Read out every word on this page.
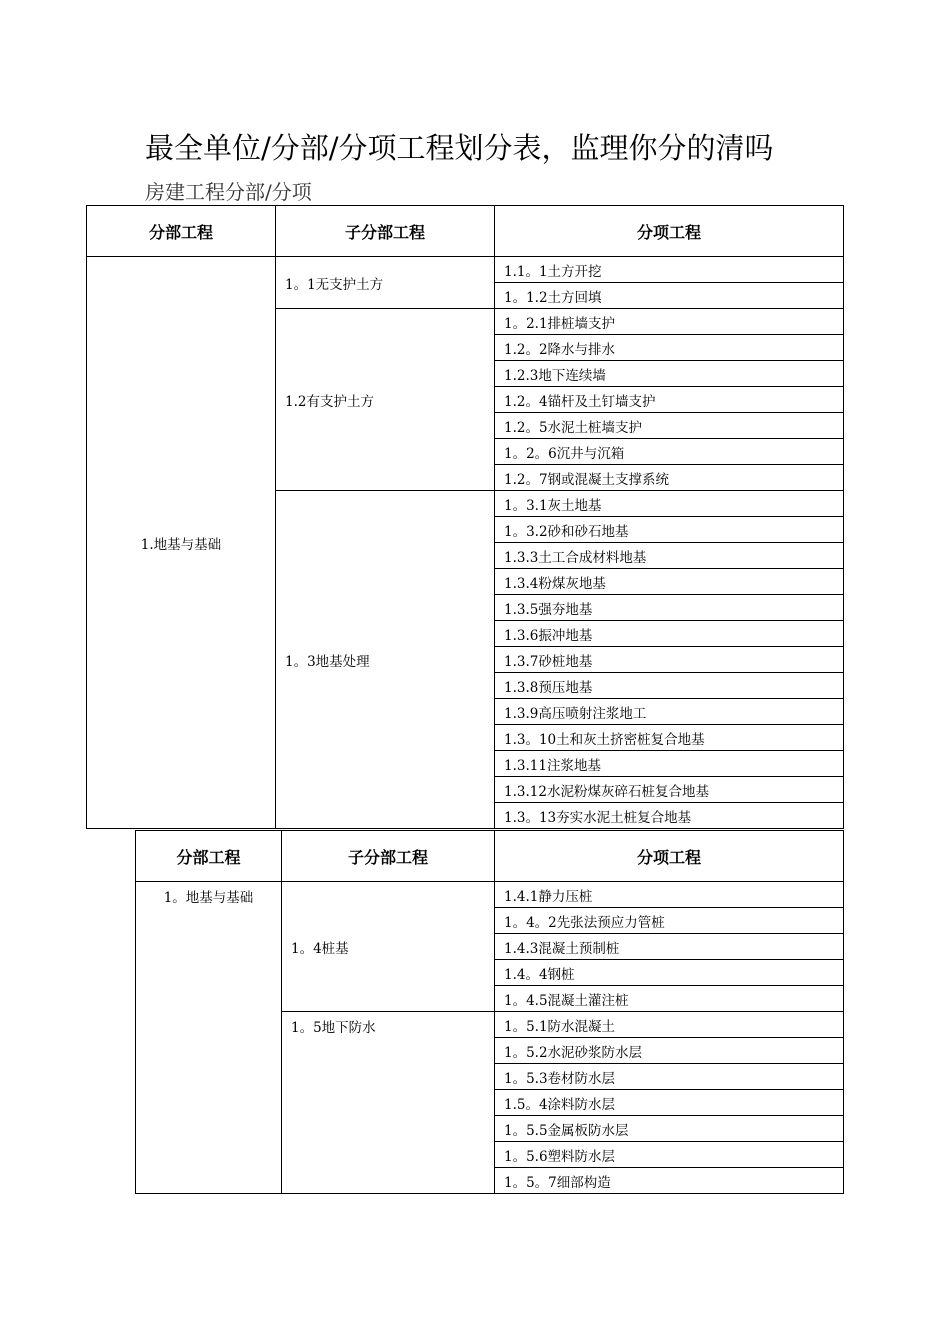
最全单位/分部/分项工程划分表，监理你分的清吗
房建工程分部/分项
分部工程	子分部工程	分项工程
1.地基与基础	1。1无支护土方	1.1。1土方开挖
		1。1.2土方回填
	1.2有支护土方	1。2.1排桩墙支护
		1.2。2降水与排水
		1.2.3地下连续墙
		1.2。4锚杆及土钉墙支护
		1.2。5水泥土桩墙支护
		1。2。6沉井与沉箱
		1.2。7钢或混凝土支撑系统
	1。3地基处理	1。3.1灰土地基
		1。3.2砂和砂石地基
		1.3.3土工合成材料地基
		1.3.4粉煤灰地基
		1.3.5强夯地基
		1.3.6振冲地基
		1.3.7砂桩地基
		1.3.8预压地基
		1.3.9高压喷射注浆地工
		1.3。10土和灰土挤密桩复合地基
		1.3.11注浆地基
		1.3.12水泥粉煤灰碎石桩复合地基
		1.3。13夯实水泥土桩复合地基
分部工程	子分部工程	分项工程
1。地基与基础	1。4桩基	1.4.1静力压桩
		1。4。2先张法预应力管桩
		1.4.3混凝土预制桩
		1.4。4钢桩
		1。4.5混凝土灌注桩
	1。5地下防水	1。5.1防水混凝土
		1。5.2水泥砂浆防水层
		1。5.3卷材防水层
		1.5。4涂料防水层
		1。5.5金属板防水层
		1。5.6塑料防水层
		1。5。7细部构造
